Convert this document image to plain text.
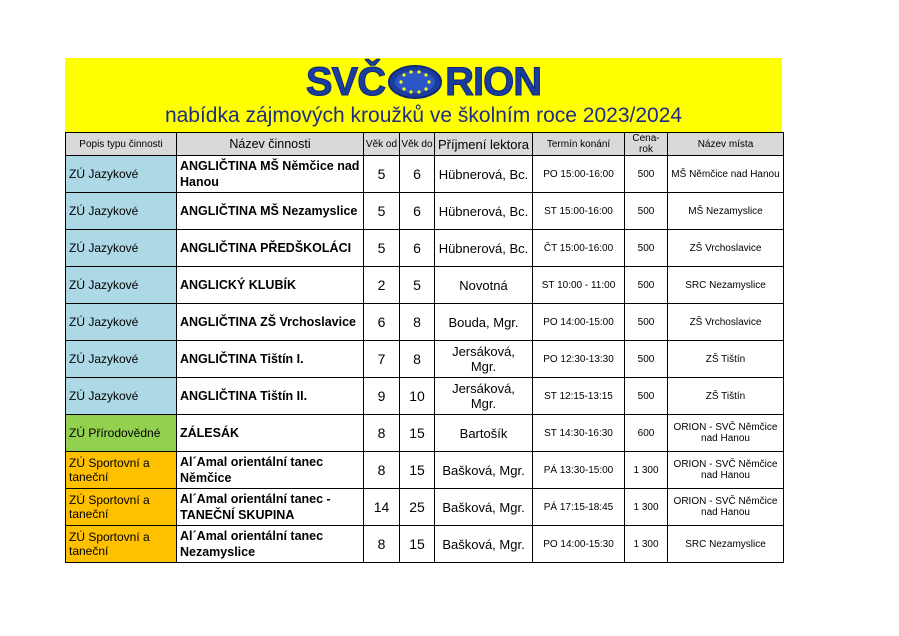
SVČ RION
nabídka zájmových kroužků ve školním roce 2023/2024
Popis typu činnosti	Název činnosti	Věk od	Věk do	Příjmení lektora	Termín konání	Cena- rok	Název místa
ZÚ Jazykové	ANGLIČTINA MŠ Němčice nad Hanou	5	6	Hübnerová, Bc.	PO 15:00-16:00	500	MŠ Němčice nad Hanou
ZÚ Jazykové	ANGLIČTINA MŠ Nezamyslice	5	6	Hübnerová, Bc.	ST 15:00-16:00	500	MŠ Nezamyslice
ZÚ Jazykové	ANGLIČTINA PŘEDŠKOLÁCI	5	6	Hübnerová, Bc.	ČT 15:00-16:00	500	ZŠ Vrchoslavice
ZÚ Jazykové	ANGLICKÝ KLUBÍK	2	5	Novotná	ST 10:00 - 11:00	500	SRC Nezamyslice
ZÚ Jazykové	ANGLIČTINA ZŠ Vrchoslavice	6	8	Bouda, Mgr.	PO 14:00-15:00	500	ZŠ Vrchoslavice
ZÚ Jazykové	ANGLIČTINA Tištín I.	7	8	Jersáková, Mgr.	PO 12:30-13:30	500	ZŠ Tištín
ZÚ Jazykové	ANGLIČTINA Tištín II.	9	10	Jersáková, Mgr.	ST 12:15-13:15	500	ZŠ Tištín
ZÚ Přírodovědné	ZÁLESÁK	8	15	Bartošík	ST 14:30-16:30	600	ORION - SVČ Němčice nad Hanou
ZÚ Sportovní a taneční	Al´Amal orientální tanec Němčice	8	15	Bašková, Mgr.	PÁ 13:30-15:00	1 300	ORION - SVČ Němčice nad Hanou
ZÚ Sportovní a taneční	Al´Amal orientální tanec - TANEČNÍ SKUPINA	14	25	Bašková, Mgr.	PÁ 17:15-18:45	1 300	ORION - SVČ Němčice nad Hanou
ZÚ Sportovní a taneční	Al´Amal orientální tanec Nezamyslice	8	15	Bašková, Mgr.	PO 14:00-15:30	1 300	SRC Nezamyslice
